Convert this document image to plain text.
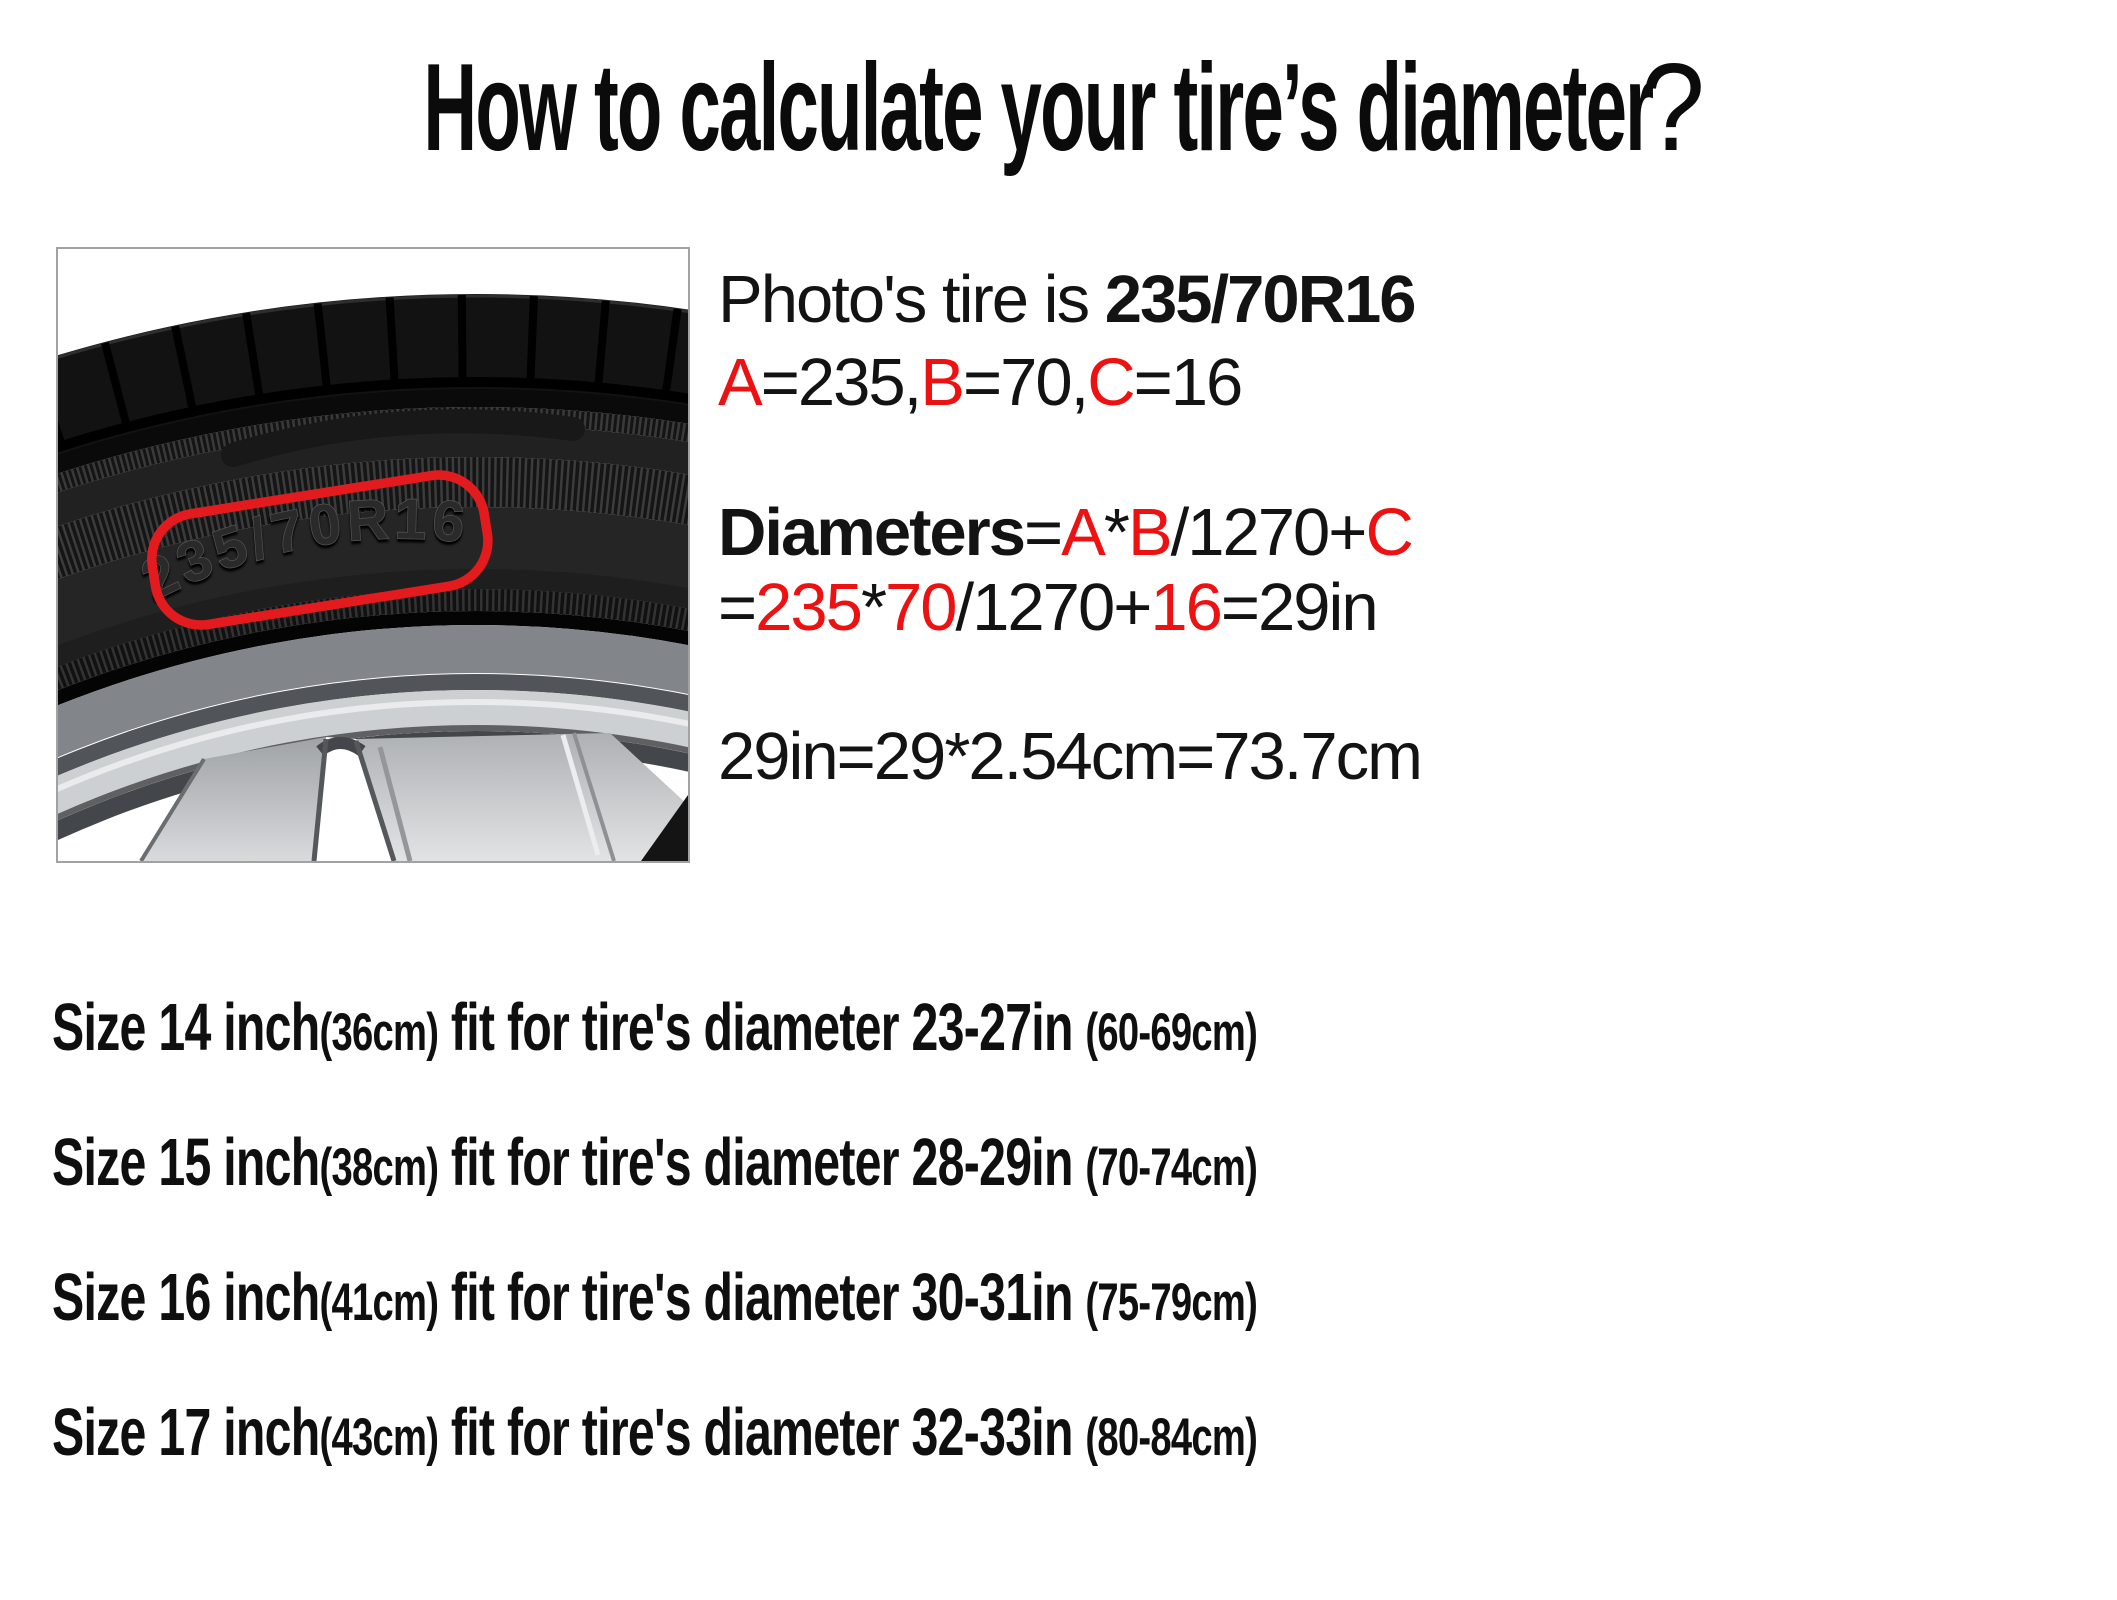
How to calculate your tire’s diameter?
235/70R16
Photo's tire is 235/70R16
A=235,B=70,C=16
Diameters=A*B/1270+C
=235*70/1270+16=29in
29in=29*2.54cm=73.7cm
Size 14 inch(36cm) fit for tire's diameter 23-27in (60-69cm)
Size 15 inch(38cm) fit for tire's diameter 28-29in (70-74cm)
Size 16 inch(41cm) fit for tire's diameter 30-31in (75-79cm)
Size 17 inch(43cm) fit for tire's diameter 32-33in (80-84cm)
